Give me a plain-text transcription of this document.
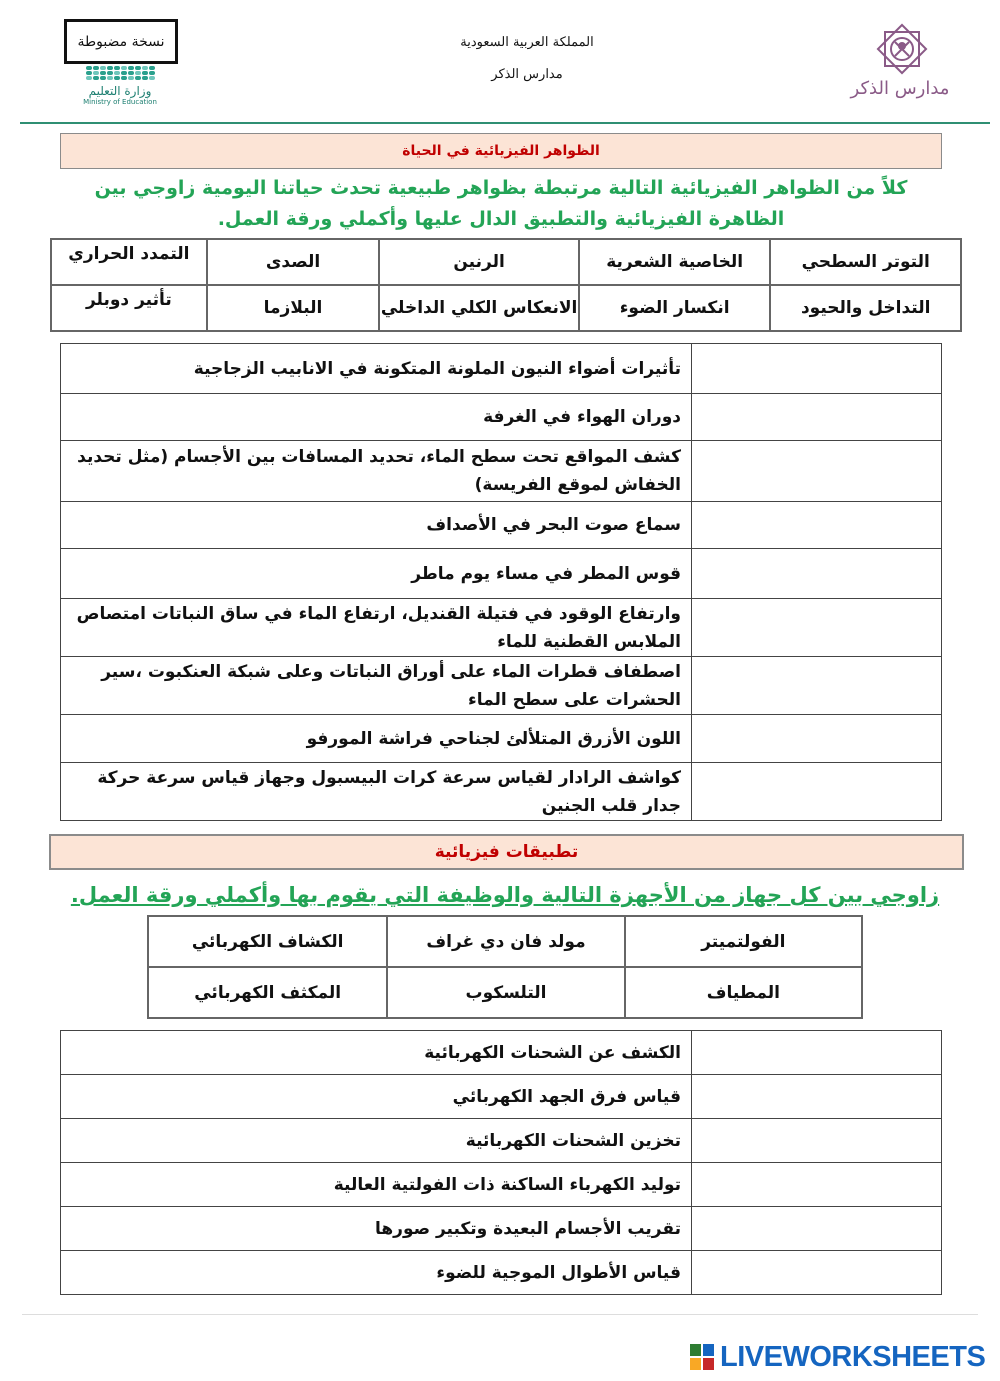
نسخة مضبوطة
وزارة التعليم
Ministry of Education
المملكة العربية السعودية
مدارس الذكر
مدارس الذكر
الظواهر الفيزيائية في الحياة
كلاً من الظواهر الفيزيائية التالية مرتبطة بظواهر طبيعية تحدث حياتنا اليومية زاوجي بين الظاهرة الفيزيائية والتطبيق الدال عليها وأكملي ورقة العمل.
التوتر السطحي	الخاصية الشعرية	الرنين	الصدى	التمدد الحراري
التداخل والحيود	انكسار الضوء	الانعكاس الكلي الداخلي	البلازما	تأثير دوبلر
	تأثيرات أضواء النيون الملونة المتكونة في الانابيب الزجاجية
	دوران الهواء في الغرفة
	كشف المواقع تحت سطح الماء، تحديد المسافات بين الأجسام (مثل تحديد الخفاش لموقع الفريسة)
	سماع صوت البحر في الأصداف
	قوس المطر في مساء يوم ماطر
	وارتفاع الوقود في فتيلة القنديل، ارتفاع الماء في ساق النباتات امتصاص الملابس القطنية للماء
	اصطفاف قطرات الماء على أوراق النباتات وعلى شبكة العنكبوت ،سير الحشرات على سطح الماء
	اللون الأزرق المتلألئ لجناحي فراشة المورفو
	كواشف الرادار لقياس سرعة كرات البيسبول وجهاز قياس سرعة حركة جدار قلب الجنين
تطبيقات فيزيائية
زاوجي بين كل جهاز من الأجهزة التالية والوظيفة التي يقوم بها وأكملي ورقة العمل.
الفولتميتر	مولد فان دي غراف	الكشاف الكهربائي
المطياف	التلسكوب	المكثف الكهربائي
	الكشف عن الشحنات الكهربائية
	قياس فرق الجهد الكهربائي
	تخزين الشحنات الكهربائية
	توليد الكهرباء الساكنة ذات الفولتية العالية
	تقريب الأجسام البعيدة وتكبير صورها
	قياس الأطوال الموجية للضوء
LIVEWORKSHEETS
